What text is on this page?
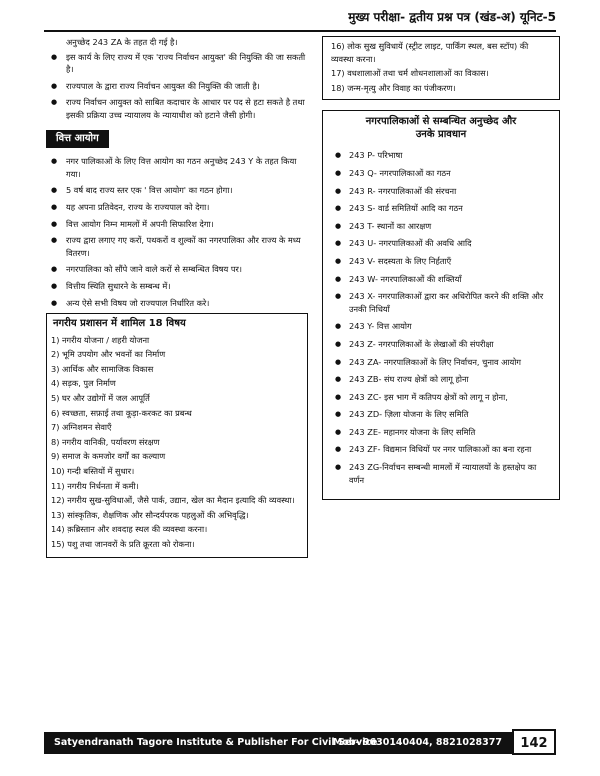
मुख्य परीक्षा- द्वतीय प्रश्न पत्र (खंड-अ) यूनिट-5

अनुच्छेद 243 ZA के तहत दी गई है।

● इस कार्य के लिए राज्य में एक 'राज्य निर्वाचन आयुक्त' की नियुक्ति की जा सकती है।
● राज्यपाल के द्वारा राज्य निर्वाचन आयुक्त की नियुक्ति की जाती है।
● राज्य निर्वाचन आयुक्त को साबित कदाचार के आधार पर पद से हटा सकते है तथा इसकी प्रक्रिया उच्च न्यायालय के न्यायाधीश को हटाने जैसी होगी।
वित्त आयोग
● नगर पालिकाओं के लिए वित्त आयोग का गठन अनुच्छेद 243 Y के तहत किया गया।
● 5 वर्ष बाद राज्य स्तर एक ' वित्त आयोग' का गठन होगा।
● यह अपना प्रतिवेदन, राज्य के राज्यपाल को देगा।
● वित्त आयोग निम्न मामलों में अपनी सिफारिश देगा।
● राज्य द्वारा लगाए गए करों, पथकरों व शुल्कों का नगरपालिका और राज्य के मध्य वितरण।
● नगरपालिका को सौंपे जाने वाले करों से सम्बन्धित विषय पर।
● वित्तीय स्थिति सुधारने के सम्बन्ध में।
● अन्य ऐसे सभी विषय जो राज्यपाल निर्धारित करे।
नगरीय प्रशासन में शामिल 18 विषय
1) नगरीय योजना / शहरी योजना
2) भूमि उपयोग और भवनों का निर्माण
3) आर्थिक और सामाजिक विकास
4) सड़क, पुल निर्माण
5) घर और उद्योगों में जल आपूर्ति
6) स्वच्छता, सफ़ाई तथा कूड़ा-करकट का प्रबन्ध
7) अग्निशमन सेवाएँ
8) नगरीय वानिकी, पर्यावरण संरक्षण
9) समाज के कमजोर वर्गों का कल्याण
10) गन्दी बस्तियों में सुधार।
11) नगरीय निर्धनता में कमी।
12) नगरीय सुख-सुविधाओं, जैसे पार्क, उद्यान, खेल का मैदान इत्यादि की व्यवस्था।
13) सांस्कृतिक, शैक्षणिक और सौन्दर्यपरक पहलुओं की अभिवृद्धि।
14) क़ब्रिस्तान और शवदाह स्थल की व्यवस्था करना।
15) पशु तथा जानवरों के प्रति क्रूरता को रोकना।
16) लोक सुख सुविधायें (स्ट्रीट लाइट, पार्किंग स्थल, बस स्टॉप) की व्यवस्था करना।
17) वधशालाओं तथा चर्म शोधनशालाओं का विकास।
18) जन्म-मृत्यु और विवाह का पंजीकरण।
नगरपालिकाओं से सम्बन्धित अनुच्छेद और
उनके प्रावधान
● 243 P- परिभाषा
● 243 Q- नगरपालिकाओं का गठन
● 243 R- नगरपालिकाओं की संरचना
● 243 S- वार्ड समितियों आदि का गठन
● 243 T- स्थानों का आरक्षण
● 243 U- नगरपालिकाओं की अवधि आदि
● 243 V- सदस्यता के लिए निर्हताएँ
● 243 W- नगरपालिकाओं की शक्तियाँ
● 243 X- नगरपालिकाओं द्वारा कर अधिरोपित करने की शक्ति और उनकी निधियाँ
● 243 Y- वित्त आयोग
● 243 Z- नगरपालिकाओं के लेखाओं की संपरीक्षा
● 243 ZA- नगरपालिकाओं के लिए निर्वाचन, चुनाव आयोग
● 243 ZB- संघ राज्य क्षेत्रों को लागू होना
● 243 ZC- इस भाग में कतिपय क्षेत्रों को लागू न होना,
● 243 ZD- ज़िला योजना के लिए समिति
● 243 ZE- महानगर योजना के लिए समिति
● 243 ZF- विद्यमान विधियों पर नगर पालिकाओं का बना रहना
● 243 ZG-निर्वाचन सम्बन्धी मामलों में न्यायालयों के हस्तक्षेप का वर्णन
Satyendranath Tagore Institute & Publisher For Civil Service
Mob- 9630140404, 8821028377	142
